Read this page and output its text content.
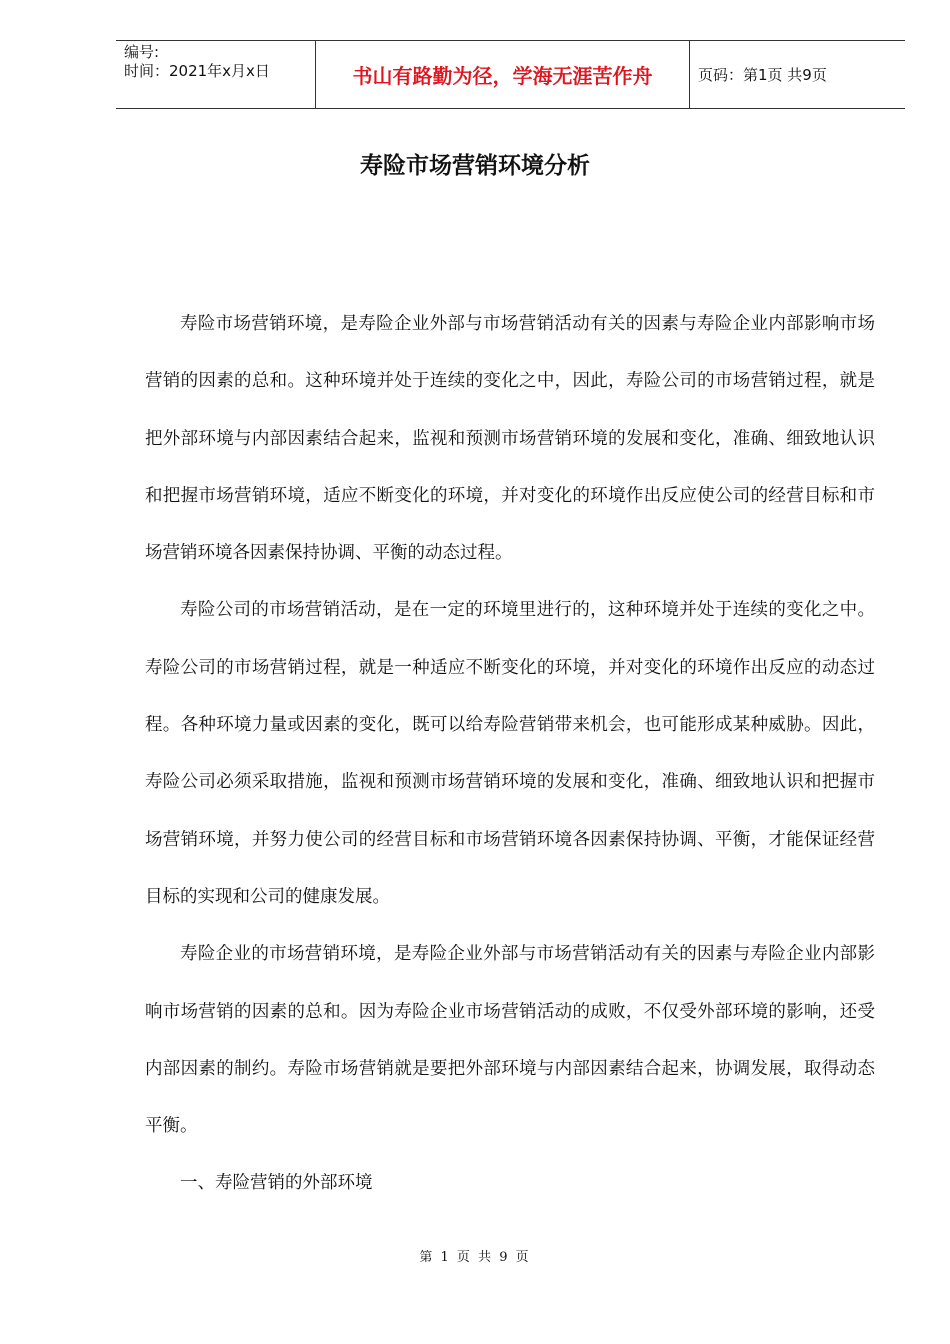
编号:
时间：2021年x月x日	书山有路勤为径，学海无涯苦作舟	页码：第1页 共9页
寿险市场营销环境分析

寿险市场营销环境，是寿险企业外部与市场营销活动有关的因素与寿险企业内部影响市场营销的因素的总和。这种环境并处于连续的变化之中，因此，寿险公司的市场营销过程，就是把外部环境与内部因素结合起来，监视和预测市场营销环境的发展和变化，准确、细致地认识和把握市场营销环境，适应不断变化的环境，并对变化的环境作出反应使公司的经营目标和市场营销环境各因素保持协调、平衡的动态过程。

寿险公司的市场营销活动，是在一定的环境里进行的，这种环境并处于连续的变化之中。寿险公司的市场营销过程，就是一种适应不断变化的环境，并对变化的环境作出反应的动态过程。各种环境力量或因素的变化，既可以给寿险营销带来机会，也可能形成某种威胁。因此，寿险公司必须采取措施，监视和预测市场营销环境的发展和变化，准确、细致地认识和把握市场营销环境，并努力使公司的经营目标和市场营销环境各因素保持协调、平衡，才能保证经营目标的实现和公司的健康发展。

寿险企业的市场营销环境，是寿险企业外部与市场营销活动有关的因素与寿险企业内部影响市场营销的因素的总和。因为寿险企业市场营销活动的成败，不仅受外部环境的影响，还受内部因素的制约。寿险市场营销就是要把外部环境与内部因素结合起来，协调发展，取得动态平衡。

一、寿险营销的外部环境

第 1 页 共 9 页
